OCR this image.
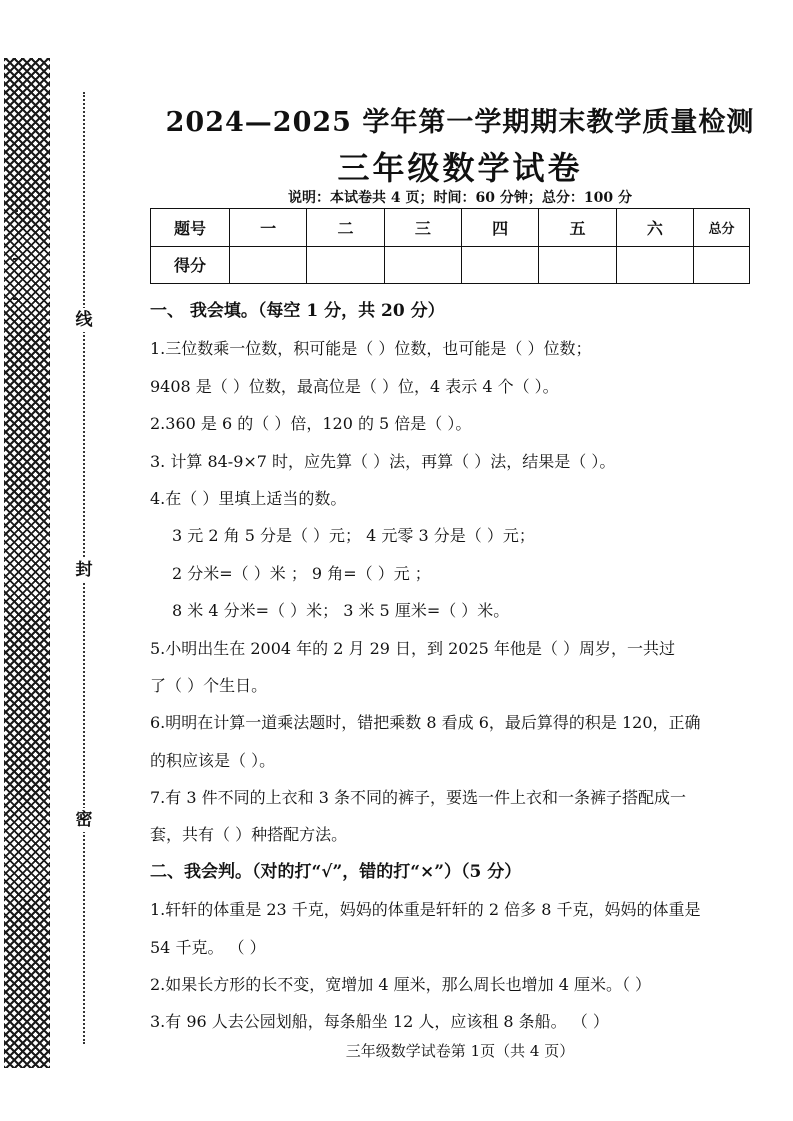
线
封
密
2024—2025 学年第一学期期末教学质量检测
三年级数学试卷
说明：本试卷共 4 页；时间：60 分钟；总分：100 分
题号	一	二	三	四	五	六	总分
得分							
一、 我会填。（每空 1 分，共 20 分）
1.三位数乘一位数，积可能是（ ）位数，也可能是（ ）位数；
9408 是（ ）位数，最高位是（ ）位，4 表示 4 个（ ）。
2.360 是 6 的（ ）倍，120 的 5 倍是（ ）。
3. 计算 84-9×7 时，应先算（ ）法，再算（ ）法，结果是（ ）。
4.在（ ）里填上适当的数。
3 元 2 角 5 分是（ ）元； 4 元零 3 分是（ ）元；
2 分米=（ ）米 ； 9 角=（ ）元 ；
8 米 4 分米=（ ）米； 3 米 5 厘米=（ ）米。
5.小明出生在 2004 年的 2 月 29 日，到 2025 年他是（ ）周岁，一共过
了（ ）个生日。
6.明明在计算一道乘法题时，错把乘数 8 看成 6，最后算得的积是 120，正确
的积应该是（ ）。
7.有 3 件不同的上衣和 3 条不同的裤子，要选一件上衣和一条裤子搭配成一
套，共有（ ）种搭配方法。
二、我会判。（对的打“√”，错的打“×”）（5 分）
1.轩轩的体重是 23 千克，妈妈的体重是轩轩的 2 倍多 8 千克，妈妈的体重是
54 千克。 （ ）
2.如果长方形的长不变，宽增加 4 厘米，那么周长也增加 4 厘米。（ ）
3.有 96 人去公园划船，每条船坐 12 人，应该租 8 条船。 （ ）
三年级数学试卷第 1页（共 4 页）
